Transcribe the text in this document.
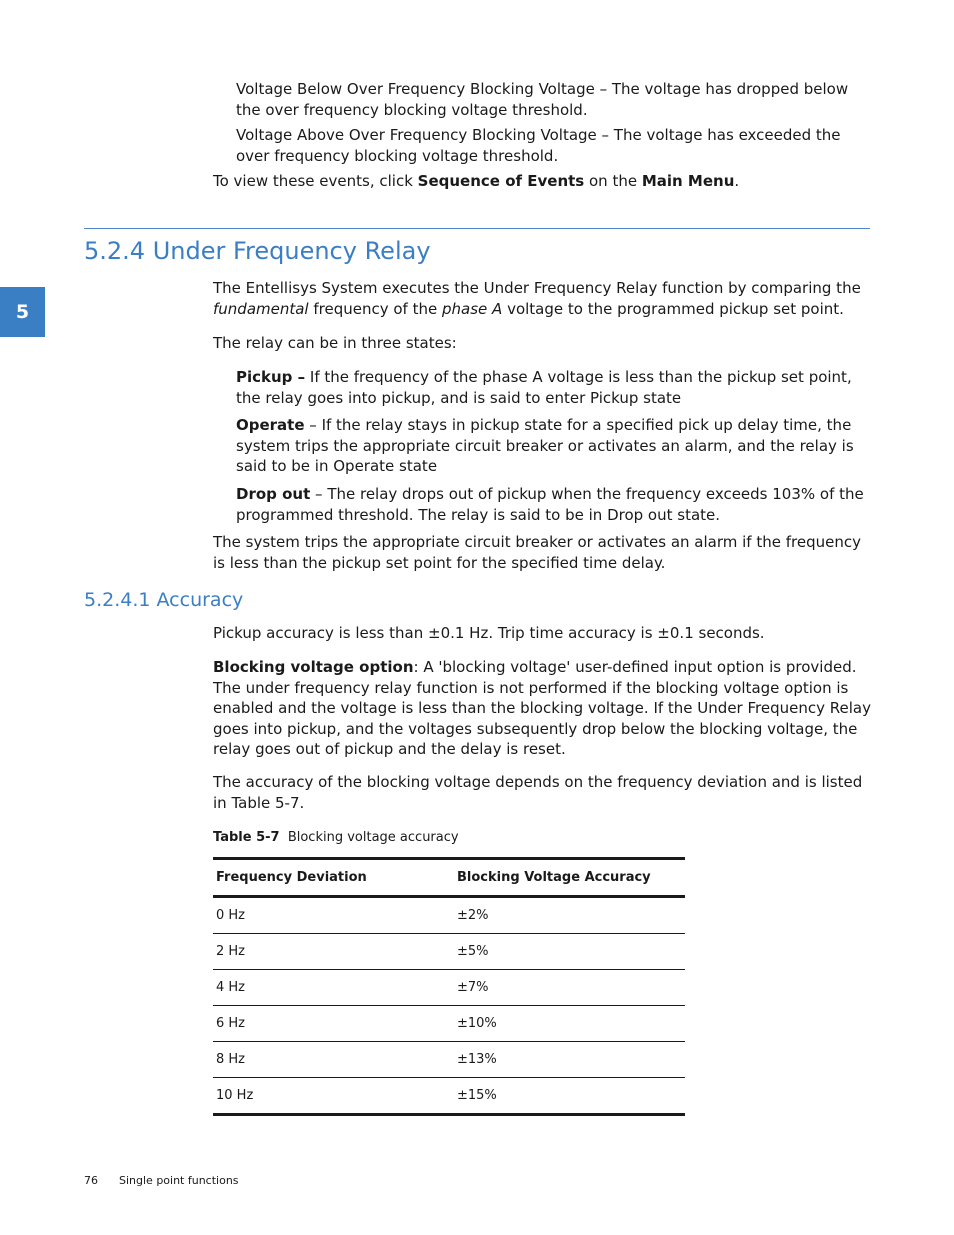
Voltage Below Over Frequency Blocking Voltage – The voltage has dropped below the over frequency blocking voltage threshold.
Voltage Above Over Frequency Blocking Voltage – The voltage has exceeded the over frequency blocking voltage threshold.
To view these events, click Sequence of Events on the Main Menu.
5.2.4 Under Frequency Relay
5
The Entellisys System executes the Under Frequency Relay function by comparing the fundamental frequency of the phase A voltage to the programmed pickup set point.
The relay can be in three states:
Pickup – If the frequency of the phase A voltage is less than the pickup set point, the relay goes into pickup, and is said to enter Pickup state
Operate – If the relay stays in pickup state for a specified pick up delay time, the system trips the appropriate circuit breaker or activates an alarm, and the relay is said to be in Operate state
Drop out – The relay drops out of pickup when the frequency exceeds 103% of the programmed threshold. The relay is said to be in Drop out state.
The system trips the appropriate circuit breaker or activates an alarm if the frequency is less than the pickup set point for the specified time delay.
5.2.4.1 Accuracy
Pickup accuracy is less than ±0.1 Hz. Trip time accuracy is ±0.1 seconds.
Blocking voltage option: A 'blocking voltage' user-defined input option is provided. The under frequency relay function is not performed if the blocking voltage option is enabled and the voltage is less than the blocking voltage. If the Under Frequency Relay goes into pickup, and the voltages subsequently drop below the blocking voltage, the relay goes out of pickup and the delay is reset.
The accuracy of the blocking voltage depends on the frequency deviation and is listed in Table 5-7.
Table 5-7 Blocking voltage accuracy
Frequency Deviation	Blocking Voltage Accuracy
0 Hz	±2%
2 Hz	±5%
4 Hz	±7%
6 Hz	±10%
8 Hz	±13%
10 Hz	±15%
76 Single point functions
